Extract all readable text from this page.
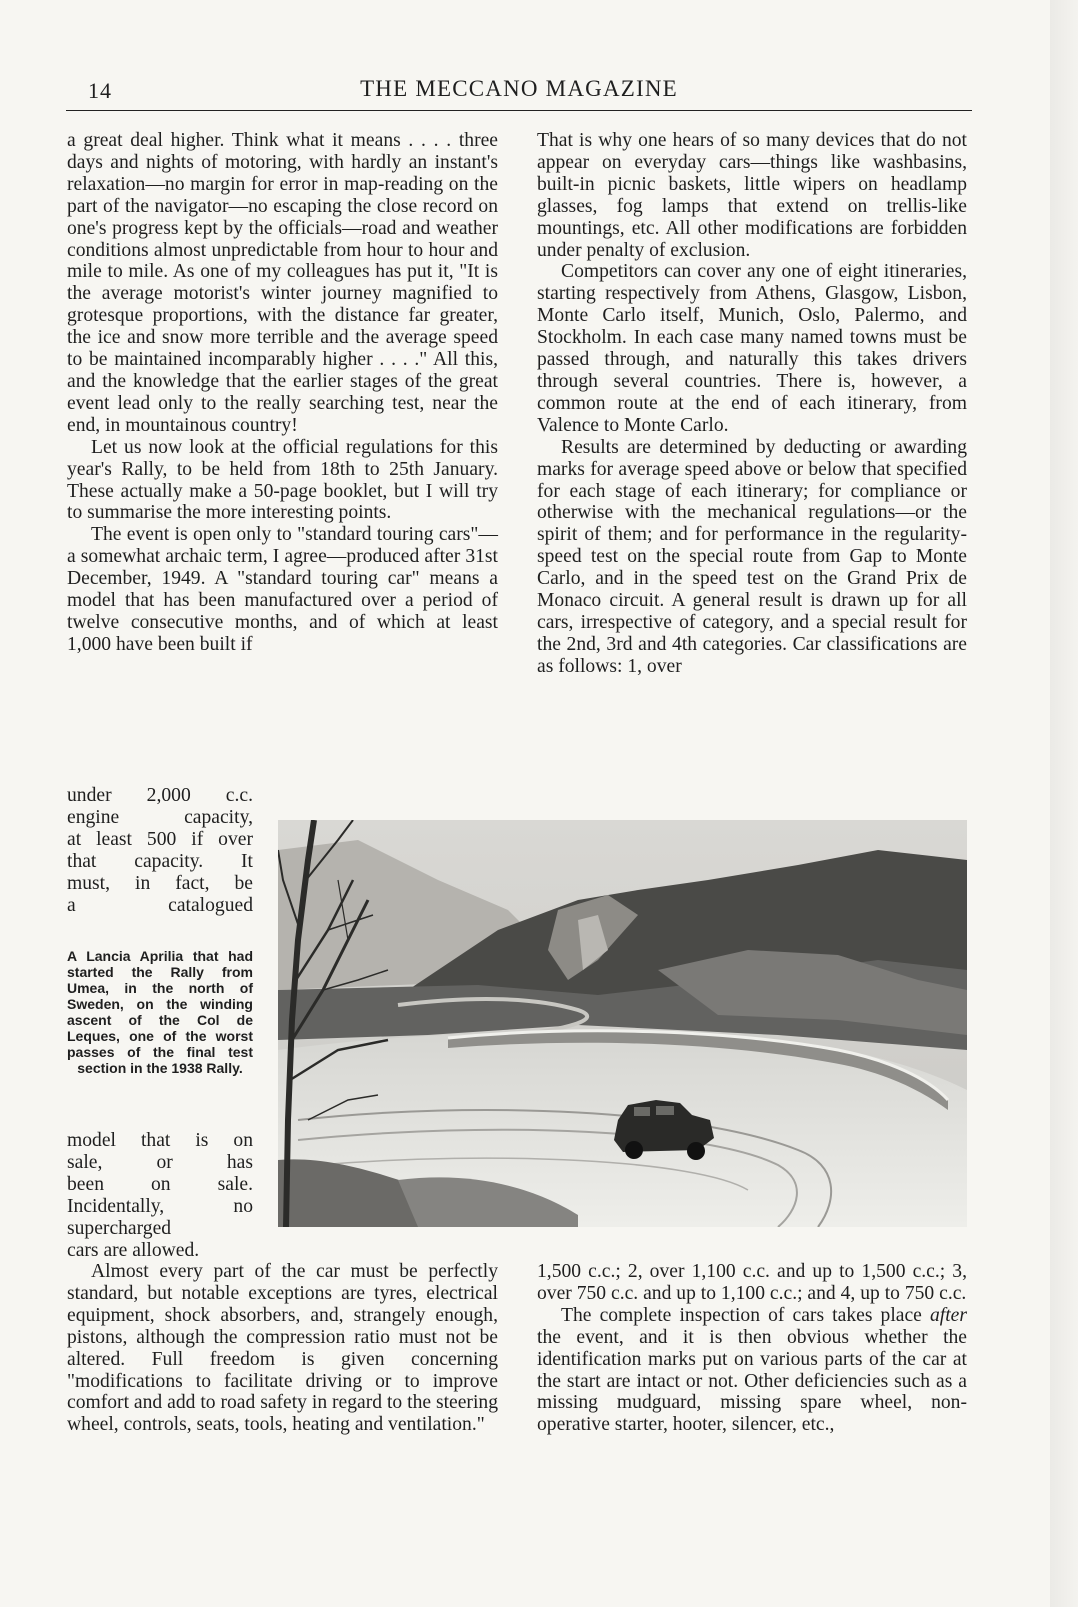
14	THE MECCANO MAGAZINE

a great deal higher. Think what it means . . . . three days and nights of motoring, with hardly an instant's relaxation—no margin for error in map-reading on the part of the navigator—no escaping the close record on one's progress kept by the officials—road and weather conditions almost unpredictable from hour to hour and mile to mile. As one of my colleagues has put it, "It is the average motorist's winter journey magnified to grotesque proportions, with the distance far greater, the ice and snow more terrible and the average speed to be maintained incomparably higher . . . ." All this, and the knowledge that the earlier stages of the great event lead only to the really searching test, near the end, in mountainous country!

Let us now look at the official regulations for this year's Rally, to be held from 18th to 25th January. These actually make a 50-page booklet, but I will try to summarise the more interesting points.

The event is open only to "standard touring cars"—a somewhat archaic term, I agree—produced after 31st December, 1949. A "standard touring car" means a model that has been manufactured over a period of twelve consecutive months, and of which at least 1,000 have been built if

under 2,000 c.c.

engine capacity,

at least 500 if over

that capacity. It

must, in fact, be

a catalogued

A Lancia Aprilia that had started the Rally from Umea, in the north of Sweden, on the winding ascent of the Col de Leques, one of the worst passes of the final test section in the 1938 Rally.

model that is on

sale, or has

been on sale.

Incidentally, no

supercharged

cars are allowed.

Almost every part of the car must be perfectly standard, but notable exceptions are tyres, electrical equipment, shock absorbers, and, strangely enough, pistons, although the compression ratio must not be altered. Full freedom is given concerning "modifications to facilitate driving or to improve comfort and add to road safety in regard to the steering wheel, controls, seats, tools, heating and ventilation."

That is why one hears of so many devices that do not appear on everyday cars—things like washbasins, built-in picnic baskets, little wipers on headlamp glasses, fog lamps that extend on trellis-like mountings, etc. All other modifications are forbidden under penalty of exclusion.

Competitors can cover any one of eight itineraries, starting respectively from Athens, Glasgow, Lisbon, Monte Carlo itself, Munich, Oslo, Palermo, and Stockholm. In each case many named towns must be passed through, and naturally this takes drivers through several countries. There is, however, a common route at the end of each itinerary, from Valence to Monte Carlo.

Results are determined by deducting or awarding marks for average speed above or below that specified for each stage of each itinerary; for compliance or otherwise with the mechanical regulations—or the spirit of them; and for performance in the regularity-speed test on the special route from Gap to Monte Carlo, and in the speed test on the Grand Prix de Monaco circuit. A general result is drawn up for all cars, irrespective of category, and a special result for the 2nd, 3rd and 4th categories. Car classifications are as follows: 1, over

1,500 c.c.; 2, over 1,100 c.c. and up to 1,500 c.c.; 3, over 750 c.c. and up to 1,100 c.c.; and 4, up to 750 c.c.

The complete inspection of cars takes place after the event, and it is then obvious whether the identification marks put on various parts of the car at the start are intact or not. Other deficiencies such as a missing mudguard, missing spare wheel, non-operative starter, hooter, silencer, etc.,
